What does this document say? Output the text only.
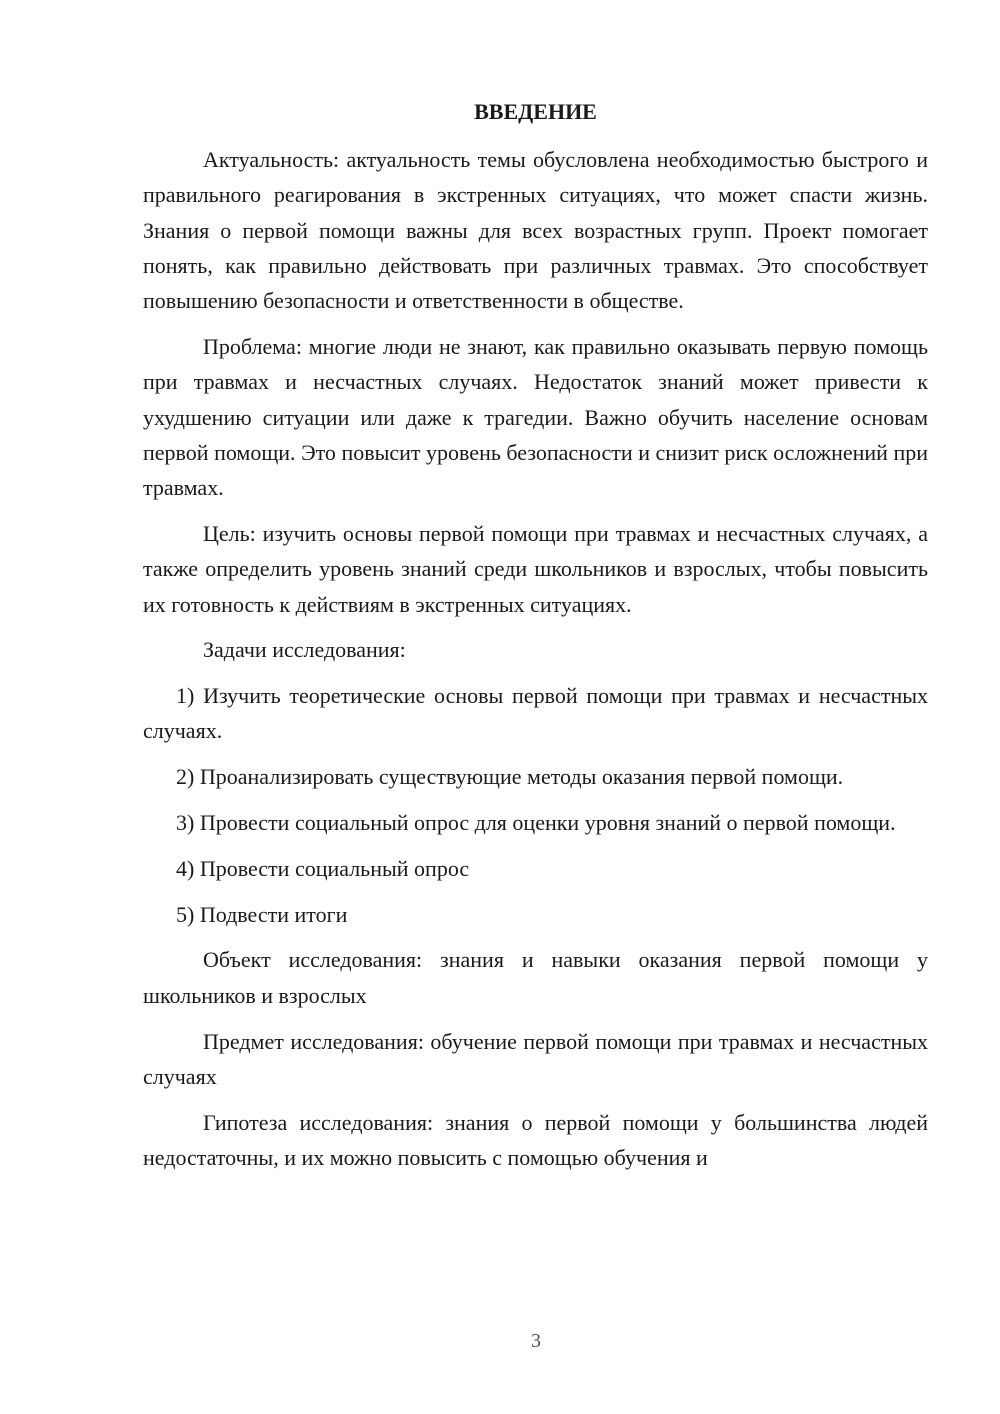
ВВЕДЕНИЕ

Актуальность: актуальность темы обусловлена необходимостью быстрого и правильного реагирования в экстренных ситуациях, что может спасти жизнь. Знания о первой помощи важны для всех возрастных групп. Проект помогает понять, как правильно действовать при различных травмах. Это способствует повышению безопасности и ответственности в обществе.

Проблема: многие люди не знают, как правильно оказывать первую помощь при травмах и несчастных случаях. Недостаток знаний может привести к ухудшению ситуации или даже к трагедии. Важно обучить население основам первой помощи. Это повысит уровень безопасности и снизит риск осложнений при травмах.

Цель: изучить основы первой помощи при травмах и несчастных случаях, а также определить уровень знаний среди школьников и взрослых, чтобы повысить их готовность к действиям в экстренных ситуациях.

Задачи исследования:

1) Изучить теоретические основы первой помощи при травмах и несчастных случаях.

2) Проанализировать существующие методы оказания первой помощи.

3) Провести социальный опрос для оценки уровня знаний о первой помощи.

4) Провести социальный опрос

5) Подвести итоги

Объект исследования: знания и навыки оказания первой помощи у школьников и взрослых

Предмет исследования: обучение первой помощи при травмах и несчастных случаях

Гипотеза исследования: знания о первой помощи у большинства людей недостаточны, и их можно повысить с помощью обучения и

3
